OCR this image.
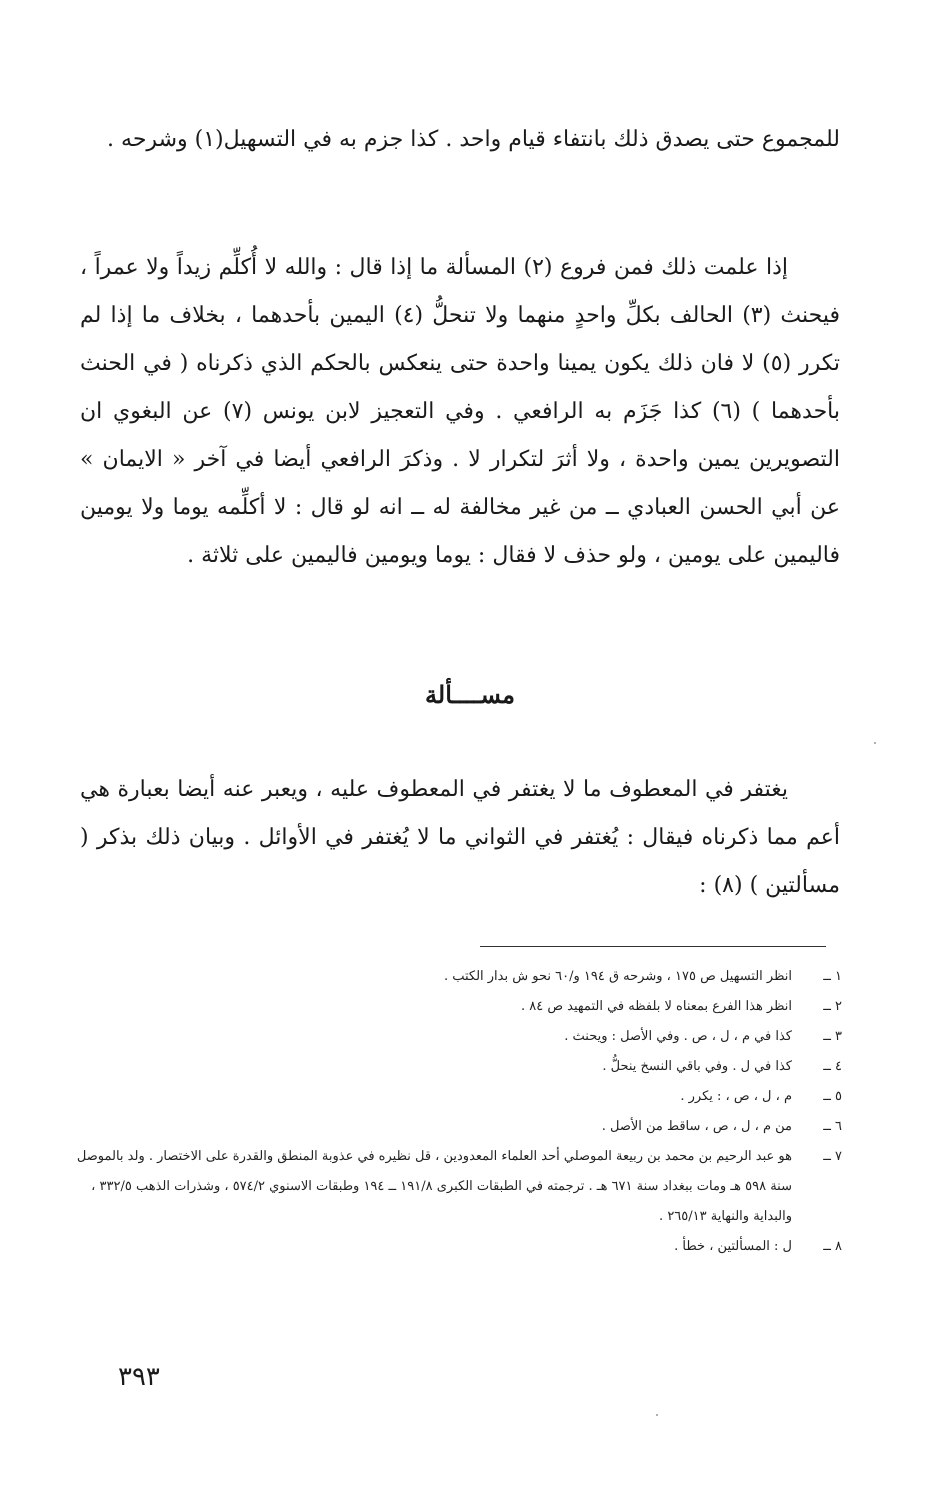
للمجموع حتى يصدق ذلك بانتفاء قيام واحد . كذا جزم به في التسهيل(١) وشرحه .

إذا علمت ذلك فمن فروع (٢) المسألة ما إذا قال : والله لا أُكلِّم زيداً ولا عمراً ، فيحنث (٣) الحالف بكلِّ واحدٍ منهما ولا تنحلُّ (٤) اليمين بأحدهما ، بخلاف ما إذا لم تكرر (٥) لا فان ذلك يكون يمينا واحدة حتى ينعكس بالحكم الذي ذكرناه ( في الحنث بأحدهما ) (٦) كذا جَزَم به الرافعي . وفي التعجيز لابن يونس (٧) عن البغوي ان التصويرين يمين واحدة ، ولا أثرَ لتكرار لا . وذكرَ الرافعي أيضا في آخر « الايمان » عن أبي الحسن العبادي ــ من غير مخالفة له ــ انه لو قال : لا أكلِّمه يوما ولا يومين فاليمين على يومين ، ولو حذف لا فقال : يوما ويومين فاليمين على ثلاثة .

مســــألة

يغتفر في المعطوف ما لا يغتفر في المعطوف عليه ، ويعبر عنه أيضا بعبارة هي أعم مما ذكرناه فيقال : يُغتفر في الثواني ما لا يُغتفر في الأوائل . وبيان ذلك بذكر ( مسألتين ) (٨) :

١ ــ
انظر التسهيل ص ١٧٥ ، وشرحه ق ١٩٤ و/٦٠ نحو ش بدار الكتب .
٢ ــ
انظر هذا الفرع بمعناه لا بلفظه في التمهيد ص ٨٤ .
٣ ــ
كذا في م ، ل ، ص . وفي الأصل : ويحنث .
٤ ــ
كذا في ل . وفي باقي النسخ ينحلُّ .
٥ ــ
م ، ل ، ص ، : يكرر .
٦ ــ
من م ، ل ، ص ، ساقط من الأصل .
٧ ــ
هو عبد الرحيم بن محمد بن ربيعة الموصلي أحد العلماء المعدودين ، قل نظيره في عذوبة المنطق والقدرة على الاختصار . ولد بالموصل سنة ٥٩٨ هـ ومات ببغداد سنة ٦٧١ هـ . ترجمته في الطبقات الكبرى ١٩١/٨ ــ ١٩٤ وطبقات الاسنوي ٥٧٤/٢ ، وشذرات الذهب ٣٣٢/٥ ، والبداية والنهاية ٢٦٥/١٣ .
٨ ــ
ل : المسألتين ، خطأ .

٣٩٣
